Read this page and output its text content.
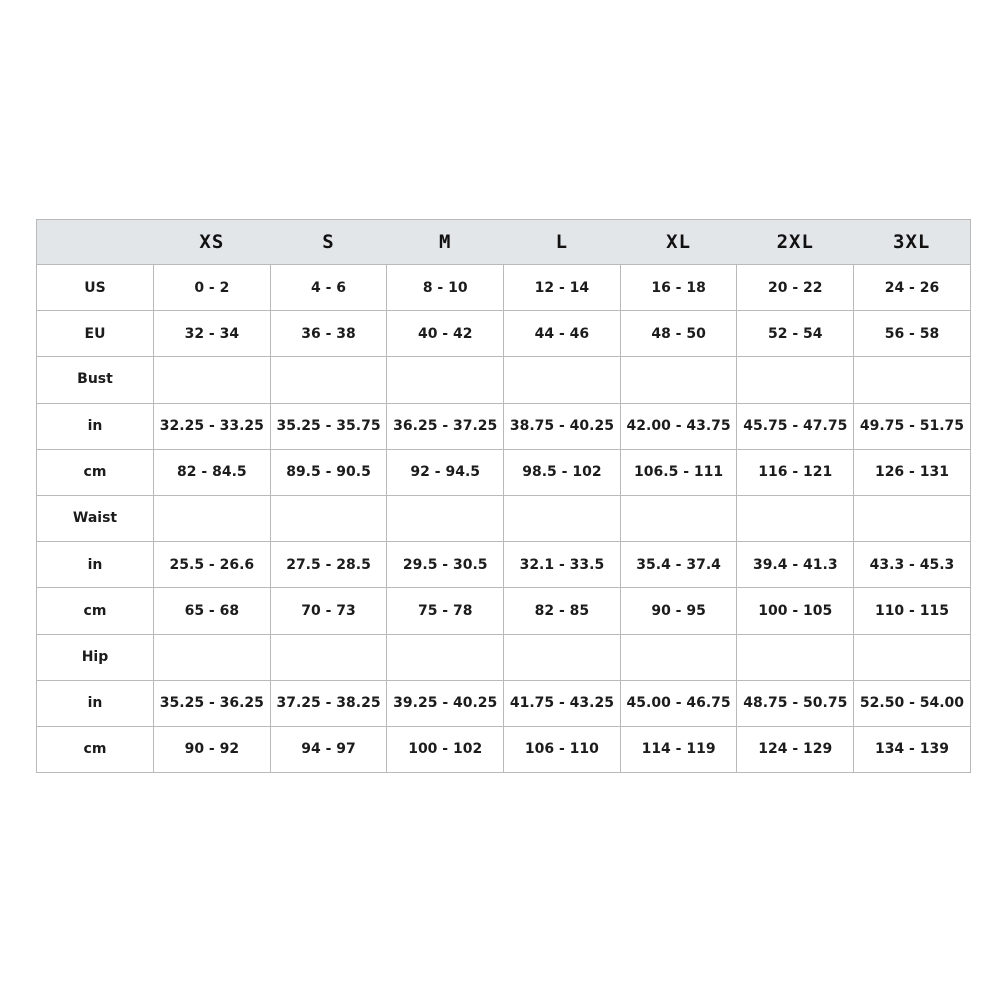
	XS	S	M	L	XL	2XL	3XL
US	0 - 2	4 - 6	8 - 10	12 - 14	16 - 18	20 - 22	24 - 26
EU	32 - 34	36 - 38	40 - 42	44 - 46	48 - 50	52 - 54	56 - 58
Bust							
in	32.25 - 33.25	35.25 - 35.75	36.25 - 37.25	38.75 - 40.25	42.00 - 43.75	45.75 - 47.75	49.75 - 51.75
cm	82 - 84.5	89.5 - 90.5	92 - 94.5	98.5 - 102	106.5 - 111	116 - 121	126 - 131
Waist							
in	25.5 - 26.6	27.5 - 28.5	29.5 - 30.5	32.1 - 33.5	35.4 - 37.4	39.4 - 41.3	43.3 - 45.3
cm	65 - 68	70 - 73	75 - 78	82 - 85	90 - 95	100 - 105	110 - 115
Hip							
in	35.25 - 36.25	37.25 - 38.25	39.25 - 40.25	41.75 - 43.25	45.00 - 46.75	48.75 - 50.75	52.50 - 54.00
cm	90 - 92	94 - 97	100 - 102	106 - 110	114 - 119	124 - 129	134 - 139
